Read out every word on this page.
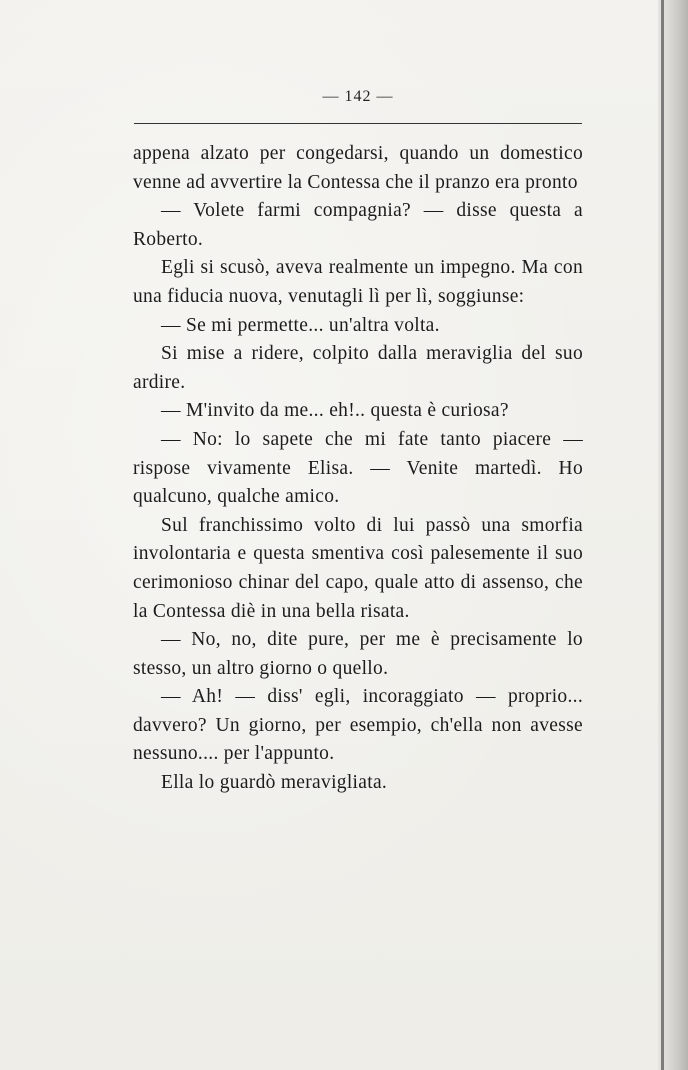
— 142 —

appena alzato per congedarsi, quando un domestico venne ad avvertire la Contessa che il pranzo era pronto

— Volete farmi compagnia? — disse questa a Roberto.

Egli si scusò, aveva realmente un impegno. Ma con una fiducia nuova, venutagli lì per lì, soggiunse:

— Se mi permette... un'altra volta.

Si mise a ridere, colpito dalla meraviglia del suo ardire.

— M'invito da me... eh!.. questa è curiosa?

— No: lo sapete che mi fate tanto piacere — rispose vivamente Elisa. — Venite martedì. Ho qualcuno, qualche amico.

Sul franchissimo volto di lui passò una smorfia involontaria e questa smentiva così palesemente il suo cerimonioso chinar del capo, quale atto di assenso, che la Contessa diè in una bella risata.

— No, no, dite pure, per me è precisamente lo stesso, un altro giorno o quello.

— Ah! — diss' egli, incoraggiato — proprio... davvero? Un giorno, per esempio, ch'ella non avesse nessuno.... per l'appunto.

Ella lo guardò meravigliata.
